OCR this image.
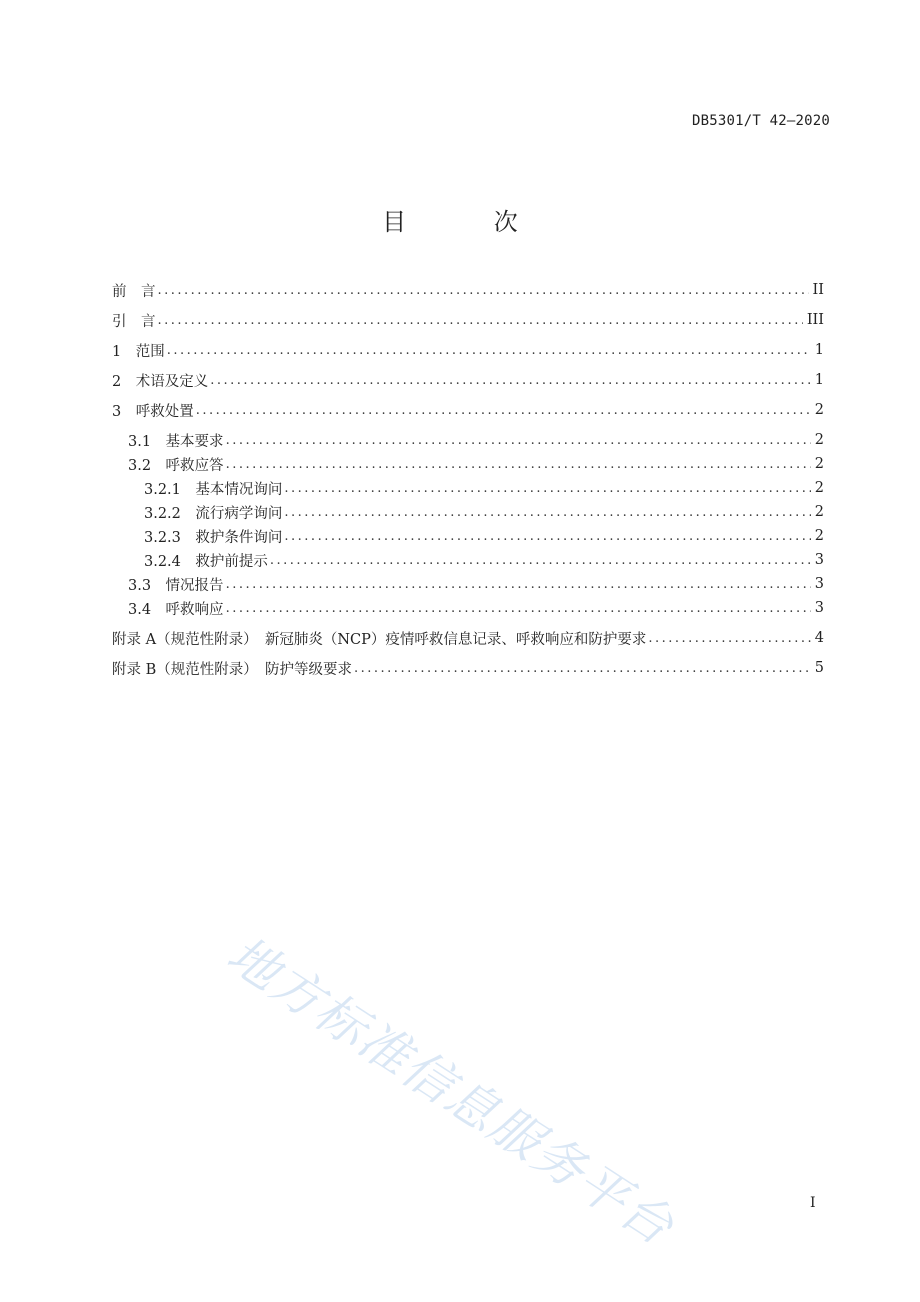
DB5301/T 42—2020
目 次
前　言 .....	II
引　言 .....	III
1　范围 .....	1
2　术语及定义 .....	1
3　呼救处置 .....	2
3.1　基本要求 .....	2
3.2　呼救应答 .....	2
3.2.1　基本情况询问 .....	2
3.2.2　流行病学询问 .....	2
3.2.3　救护条件询问 .....	2
3.2.4　救护前提示 .....	3
3.3　情况报告 .....	3
3.4　呼救响应 .....	3
附录 A（规范性附录）　新冠肺炎（NCP）疫情呼救信息记录、呼救响应和防护要求 .....	4
附录 B（规范性附录）　防护等级要求 .....	5
地方标准信息服务平台	I
